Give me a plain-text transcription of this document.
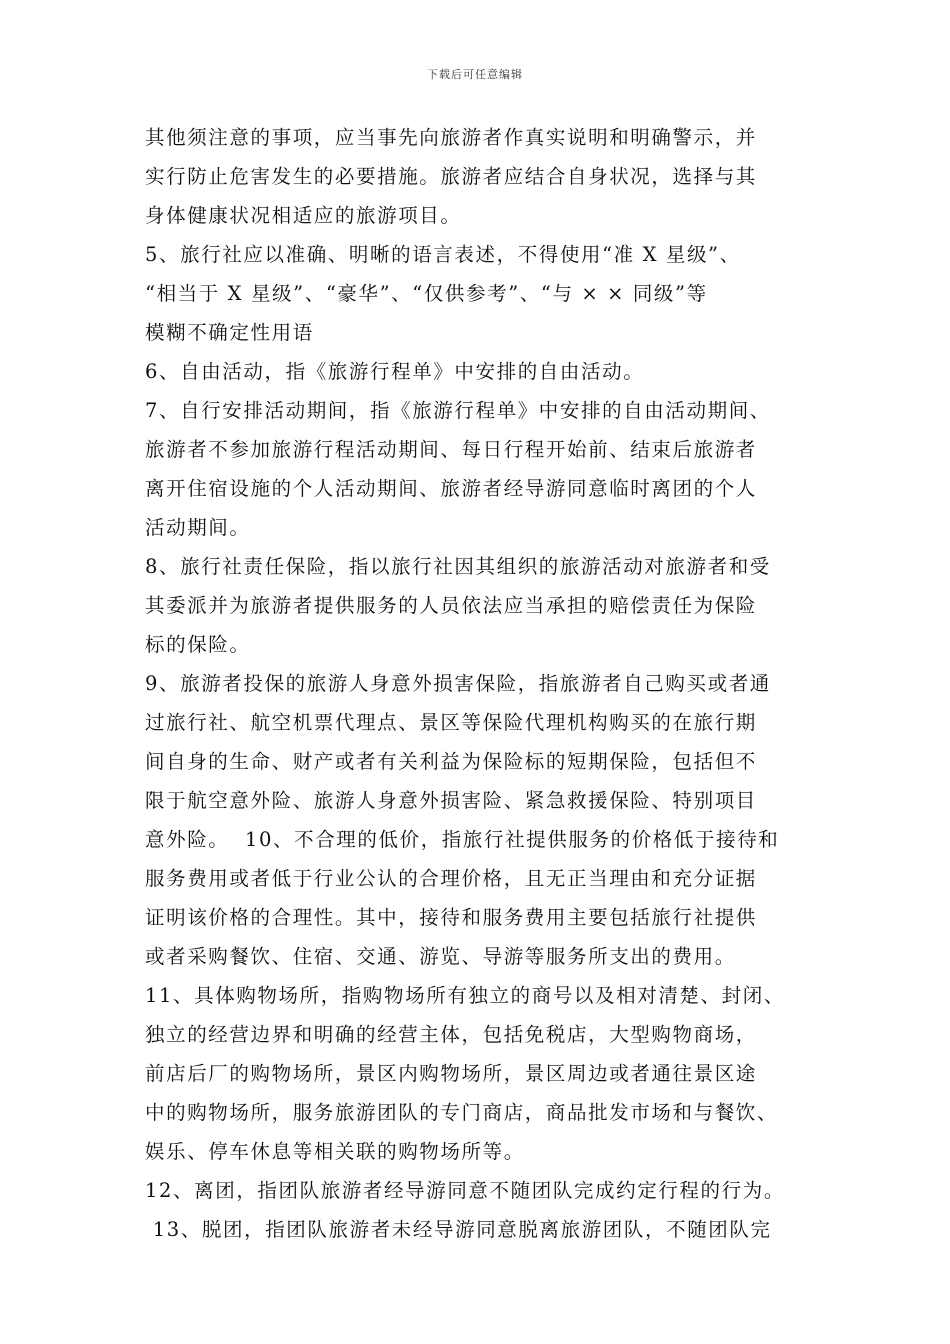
下载后可任意编辑
其他须注意的事项，应当事先向旅游者作真实说明和明确警示，并
实行防止危害发生的必要措施。旅游者应结合自身状况，选择与其
身体健康状况相适应的旅游项目。
5、旅行社应以准确、明晰的语言表述，不得使用“准 X 星级”、
“相当于 X 星级”、“豪华”、“仅供参考”、“与 × × 同级”等
模糊不确定性用语
6、自由活动，指《旅游行程单》中安排的自由活动。
7、自行安排活动期间，指《旅游行程单》中安排的自由活动期间、
旅游者不参加旅游行程活动期间、每日行程开始前、结束后旅游者
离开住宿设施的个人活动期间、旅游者经导游同意临时离团的个人
活动期间。
8、旅行社责任保险，指以旅行社因其组织的旅游活动对旅游者和受
其委派并为旅游者提供服务的人员依法应当承担的赔偿责任为保险
标的保险。
9、旅游者投保的旅游人身意外损害保险，指旅游者自己购买或者通
过旅行社、航空机票代理点、景区等保险代理机构购买的在旅行期
间自身的生命、财产或者有关利益为保险标的短期保险，包括但不
限于航空意外险、旅游人身意外损害险、紧急救援保险、特别项目
意外险。  10、不合理的低价，指旅行社提供服务的价格低于接待和
服务费用或者低于行业公认的合理价格，且无正当理由和充分证据
证明该价格的合理性。其中，接待和服务费用主要包括旅行社提供
或者采购餐饮、住宿、交通、游览、导游等服务所支出的费用。
11、具体购物场所，指购物场所有独立的商号以及相对清楚、封闭、
独立的经营边界和明确的经营主体，包括免税店，大型购物商场，
前店后厂的购物场所，景区内购物场所，景区周边或者通往景区途
中的购物场所，服务旅游团队的专门商店，商品批发市场和与餐饮、
娱乐、停车休息等相关联的购物场所等。
12、离团，指团队旅游者经导游同意不随团队完成约定行程的行为。
13、脱团，指团队旅游者未经导游同意脱离旅游团队，不随团队完
